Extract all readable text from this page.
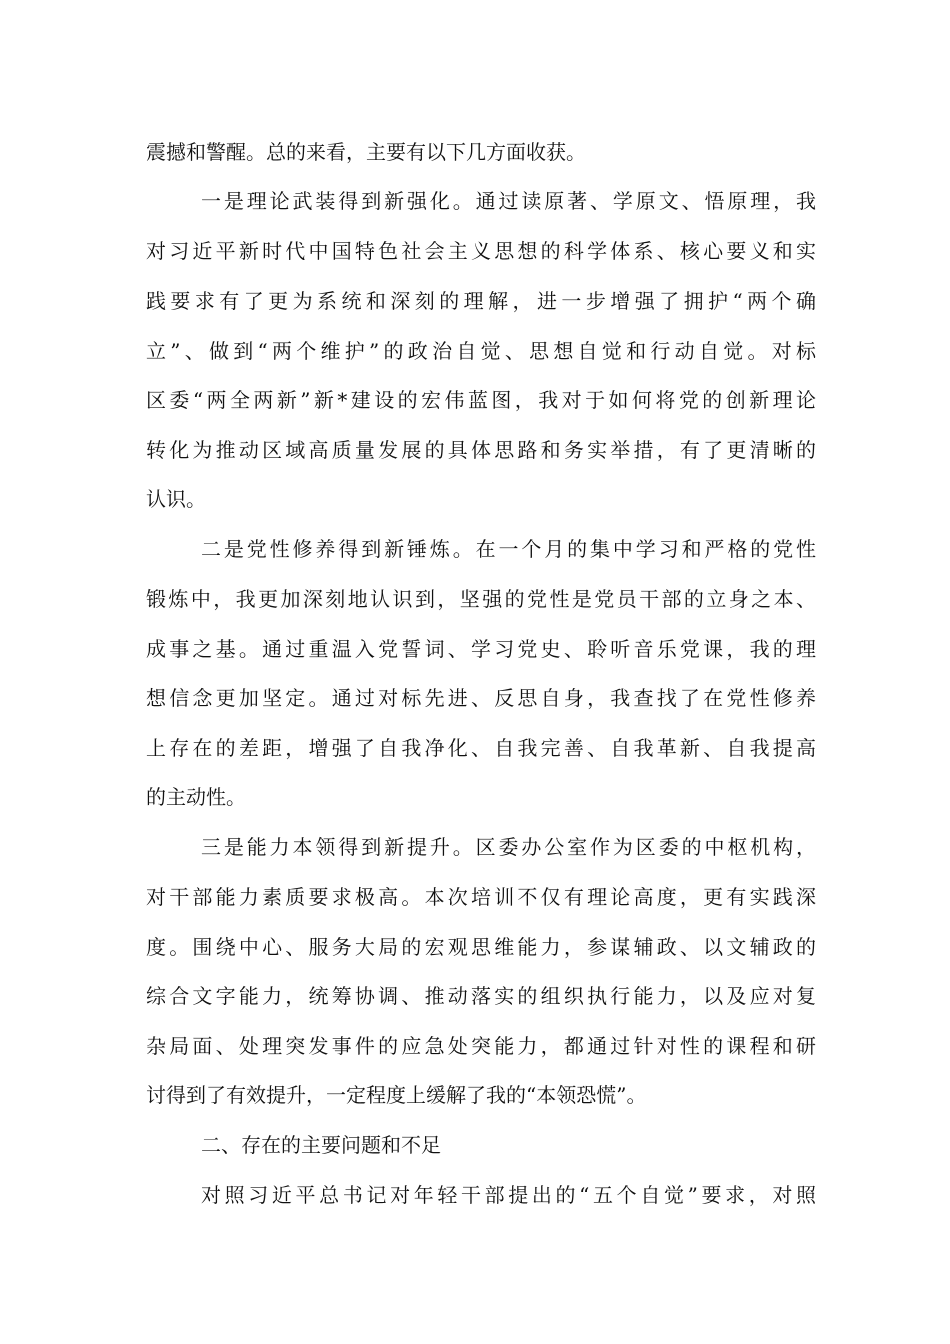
震撼和警醒。总的来看，主要有以下几方面收获。

一是理论武装得到新强化。通过读原著、学原文、悟原理，我

对习近平新时代中国特色社会主义思想的科学体系、核心要义和实

践要求有了更为系统和深刻的理解，进一步增强了拥护“两个确

立”、做到“两个维护”的政治自觉、思想自觉和行动自觉。对标

区委“两全两新”新*建设的宏伟蓝图，我对于如何将党的创新理论

转化为推动区域高质量发展的具体思路和务实举措，有了更清晰的

认识。

二是党性修养得到新锤炼。在一个月的集中学习和严格的党性

锻炼中，我更加深刻地认识到，坚强的党性是党员干部的立身之本、

成事之基。通过重温入党誓词、学习党史、聆听音乐党课，我的理

想信念更加坚定。通过对标先进、反思自身，我查找了在党性修养

上存在的差距，增强了自我净化、自我完善、自我革新、自我提高

的主动性。

三是能力本领得到新提升。区委办公室作为区委的中枢机构，

对干部能力素质要求极高。本次培训不仅有理论高度，更有实践深

度。围绕中心、服务大局的宏观思维能力，参谋辅政、以文辅政的

综合文字能力，统筹协调、推动落实的组织执行能力，以及应对复

杂局面、处理突发事件的应急处突能力，都通过针对性的课程和研

讨得到了有效提升，一定程度上缓解了我的“本领恐慌”。

二、存在的主要问题和不足

对照习近平总书记对年轻干部提出的“五个自觉”要求，对照
